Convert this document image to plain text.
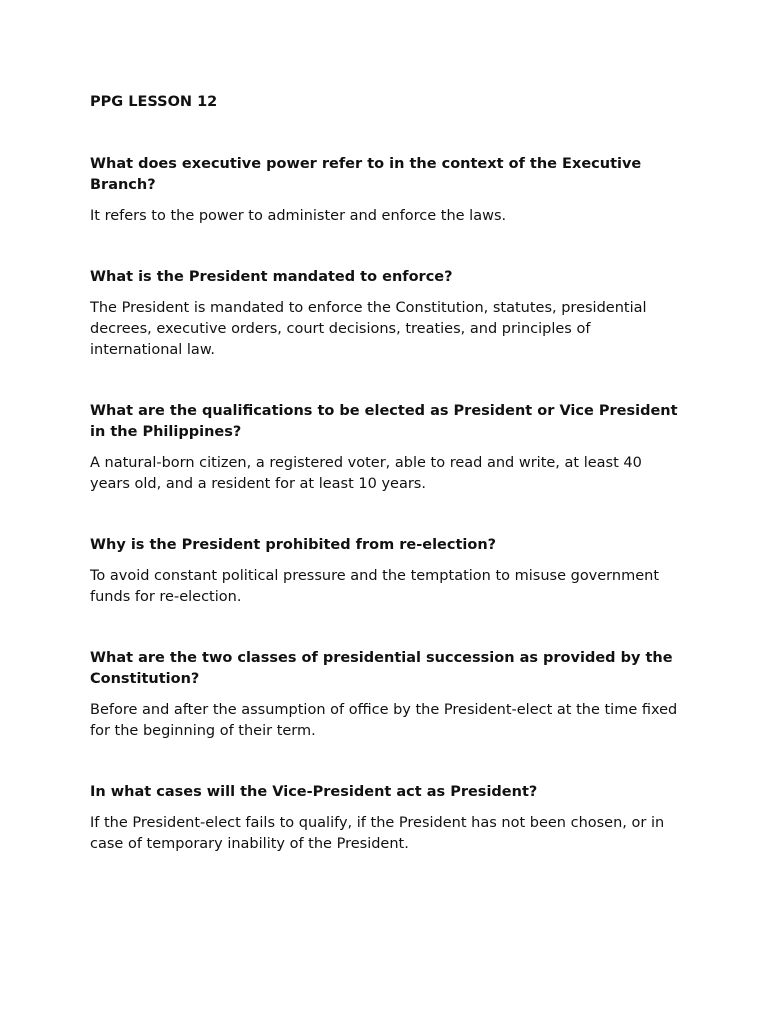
PPG LESSON 12

What does executive power refer to in the context of the Executive Branch?

It refers to the power to administer and enforce the laws.

What is the President mandated to enforce?

The President is mandated to enforce the Constitution, statutes, presidential decrees, executive orders, court decisions, treaties, and principles of international law.

What are the qualifications to be elected as President or Vice President in the Philippines?

A natural-born citizen, a registered voter, able to read and write, at least 40 years old, and a resident for at least 10 years.

Why is the President prohibited from re-election?

To avoid constant political pressure and the temptation to misuse government funds for re-election.

What are the two classes of presidential succession as provided by the Constitution?

Before and after the assumption of office by the President-elect at the time fixed for the beginning of their term.

In what cases will the Vice-President act as President?

If the President-elect fails to qualify, if the President has not been chosen, or in case of temporary inability of the President.
